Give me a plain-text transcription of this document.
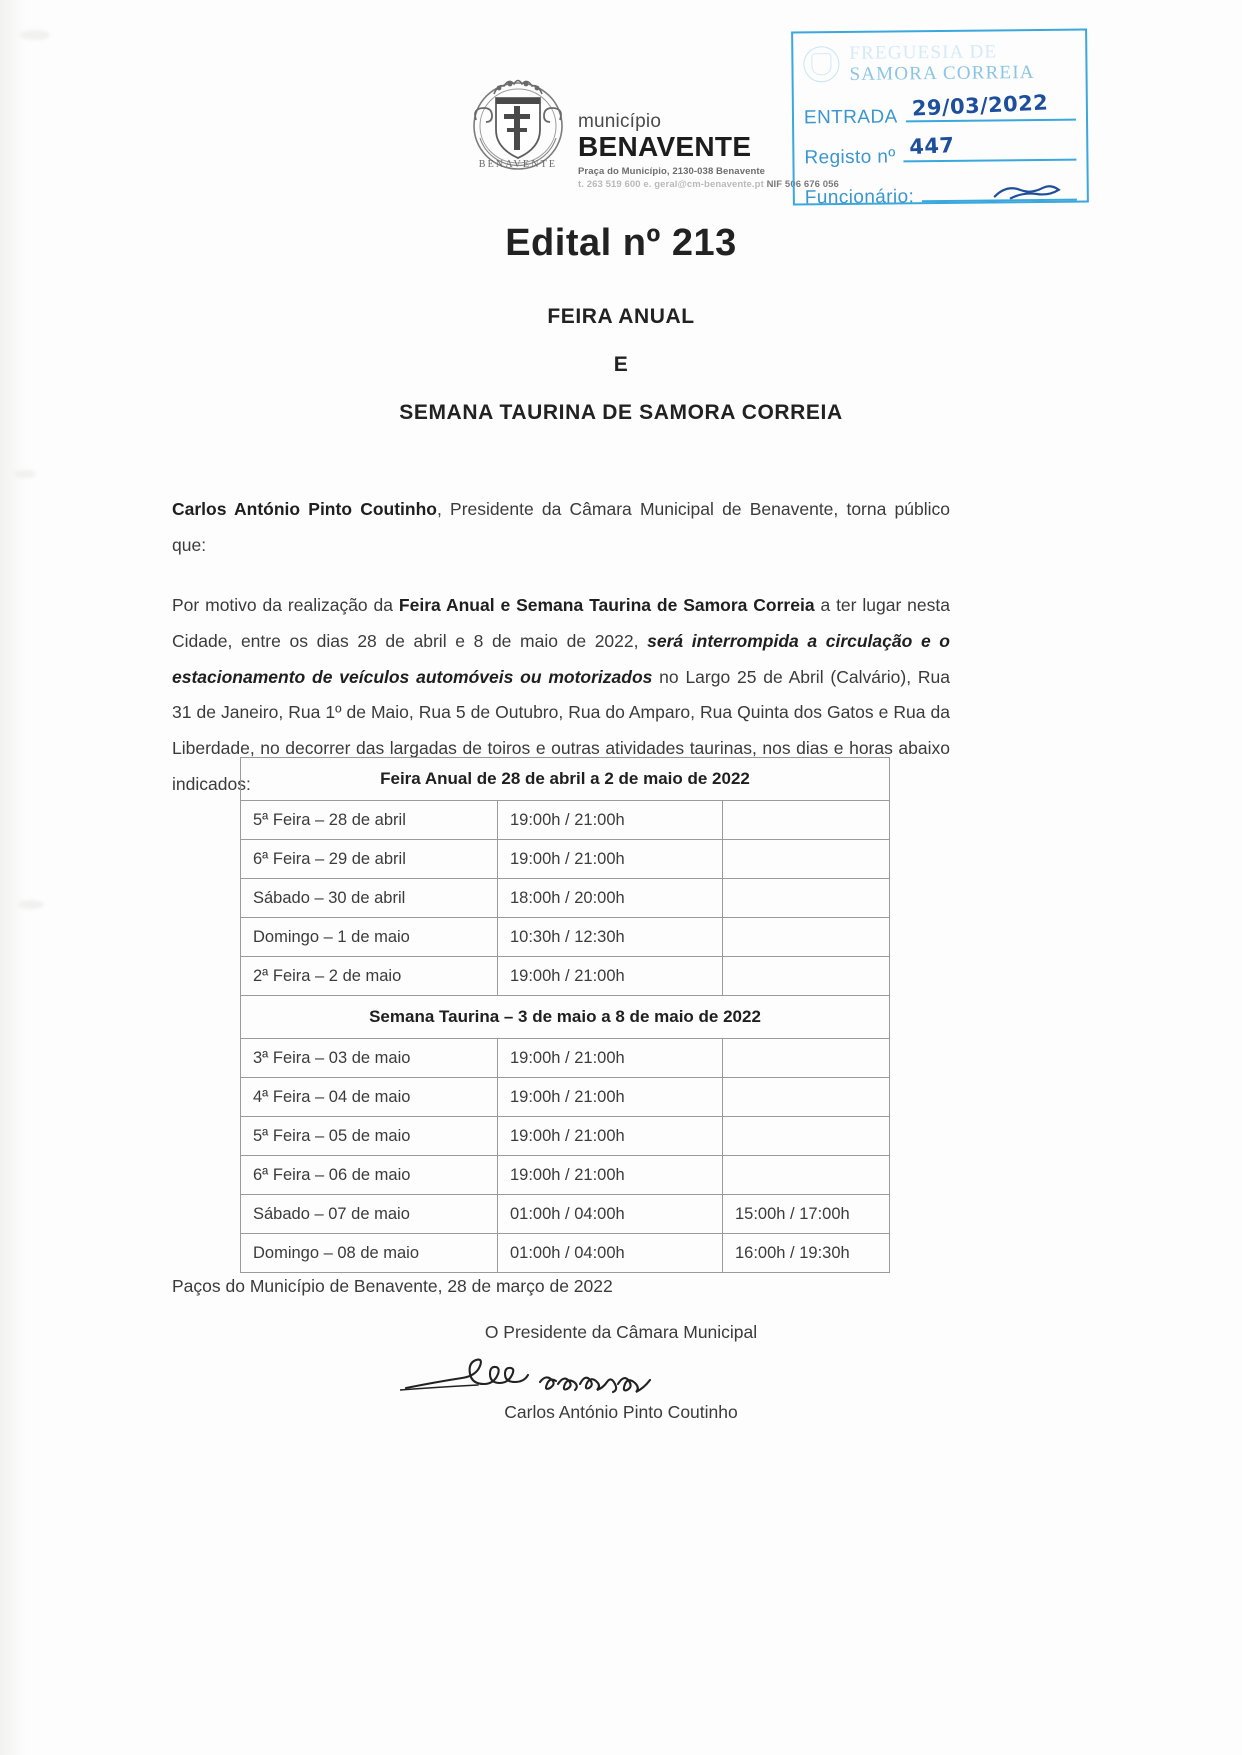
BENAVENTE
município
BENAVENTE
Praça do Município, 2130-038 Benavente
t. 263 519 600 e. geral@cm-benavente.pt NIF 506 676 056
FREGUESIA DE
SAMORA CORREIA
ENTRADA 29/03/2022
Registo nº 447
Funcionário:
Edital nº 213
FEIRA ANUAL
E
SEMANA TAURINA DE SAMORA CORREIA

Carlos António Pinto Coutinho, Presidente da Câmara Municipal de Benavente, torna público que:

Por motivo da realização da Feira Anual e Semana Taurina de Samora Correia a ter lugar nesta Cidade, entre os dias 28 de abril e 8 de maio de 2022, será interrompida a circulação e o estacionamento de veículos automóveis ou motorizados no Largo 25 de Abril (Calvário), Rua 31 de Janeiro, Rua 1º de Maio, Rua 5 de Outubro, Rua do Amparo, Rua Quinta dos Gatos e Rua da Liberdade, no decorrer das largadas de toiros e outras atividades taurinas, nos dias e horas abaixo indicados:	Feira Anual de 28 de abril a 2 de maio de 2022		
5ª Feira – 28 de abril	19:00h / 21:00h	
6ª Feira – 29 de abril	19:00h / 21:00h	
Sábado – 30 de abril	18:00h / 20:00h	
Domingo – 1 de maio	10:30h / 12:30h	
2ª Feira – 2 de maio	19:00h / 21:00h	
Semana Taurina – 3 de maio a 8 de maio de 2022		
3ª Feira – 03 de maio	19:00h / 21:00h	
4ª Feira – 04 de maio	19:00h / 21:00h	
5ª Feira – 05 de maio	19:00h / 21:00h	
6ª Feira – 06 de maio	19:00h / 21:00h	
Sábado – 07 de maio	01:00h / 04:00h	15:00h / 17:00h
Domingo – 08 de maio	01:00h / 04:00h	16:00h / 19:30h
Paços do Município de Benavente, 28 de março de 2022
O Presidente da Câmara Municipal
Carlos António Pinto Coutinho
